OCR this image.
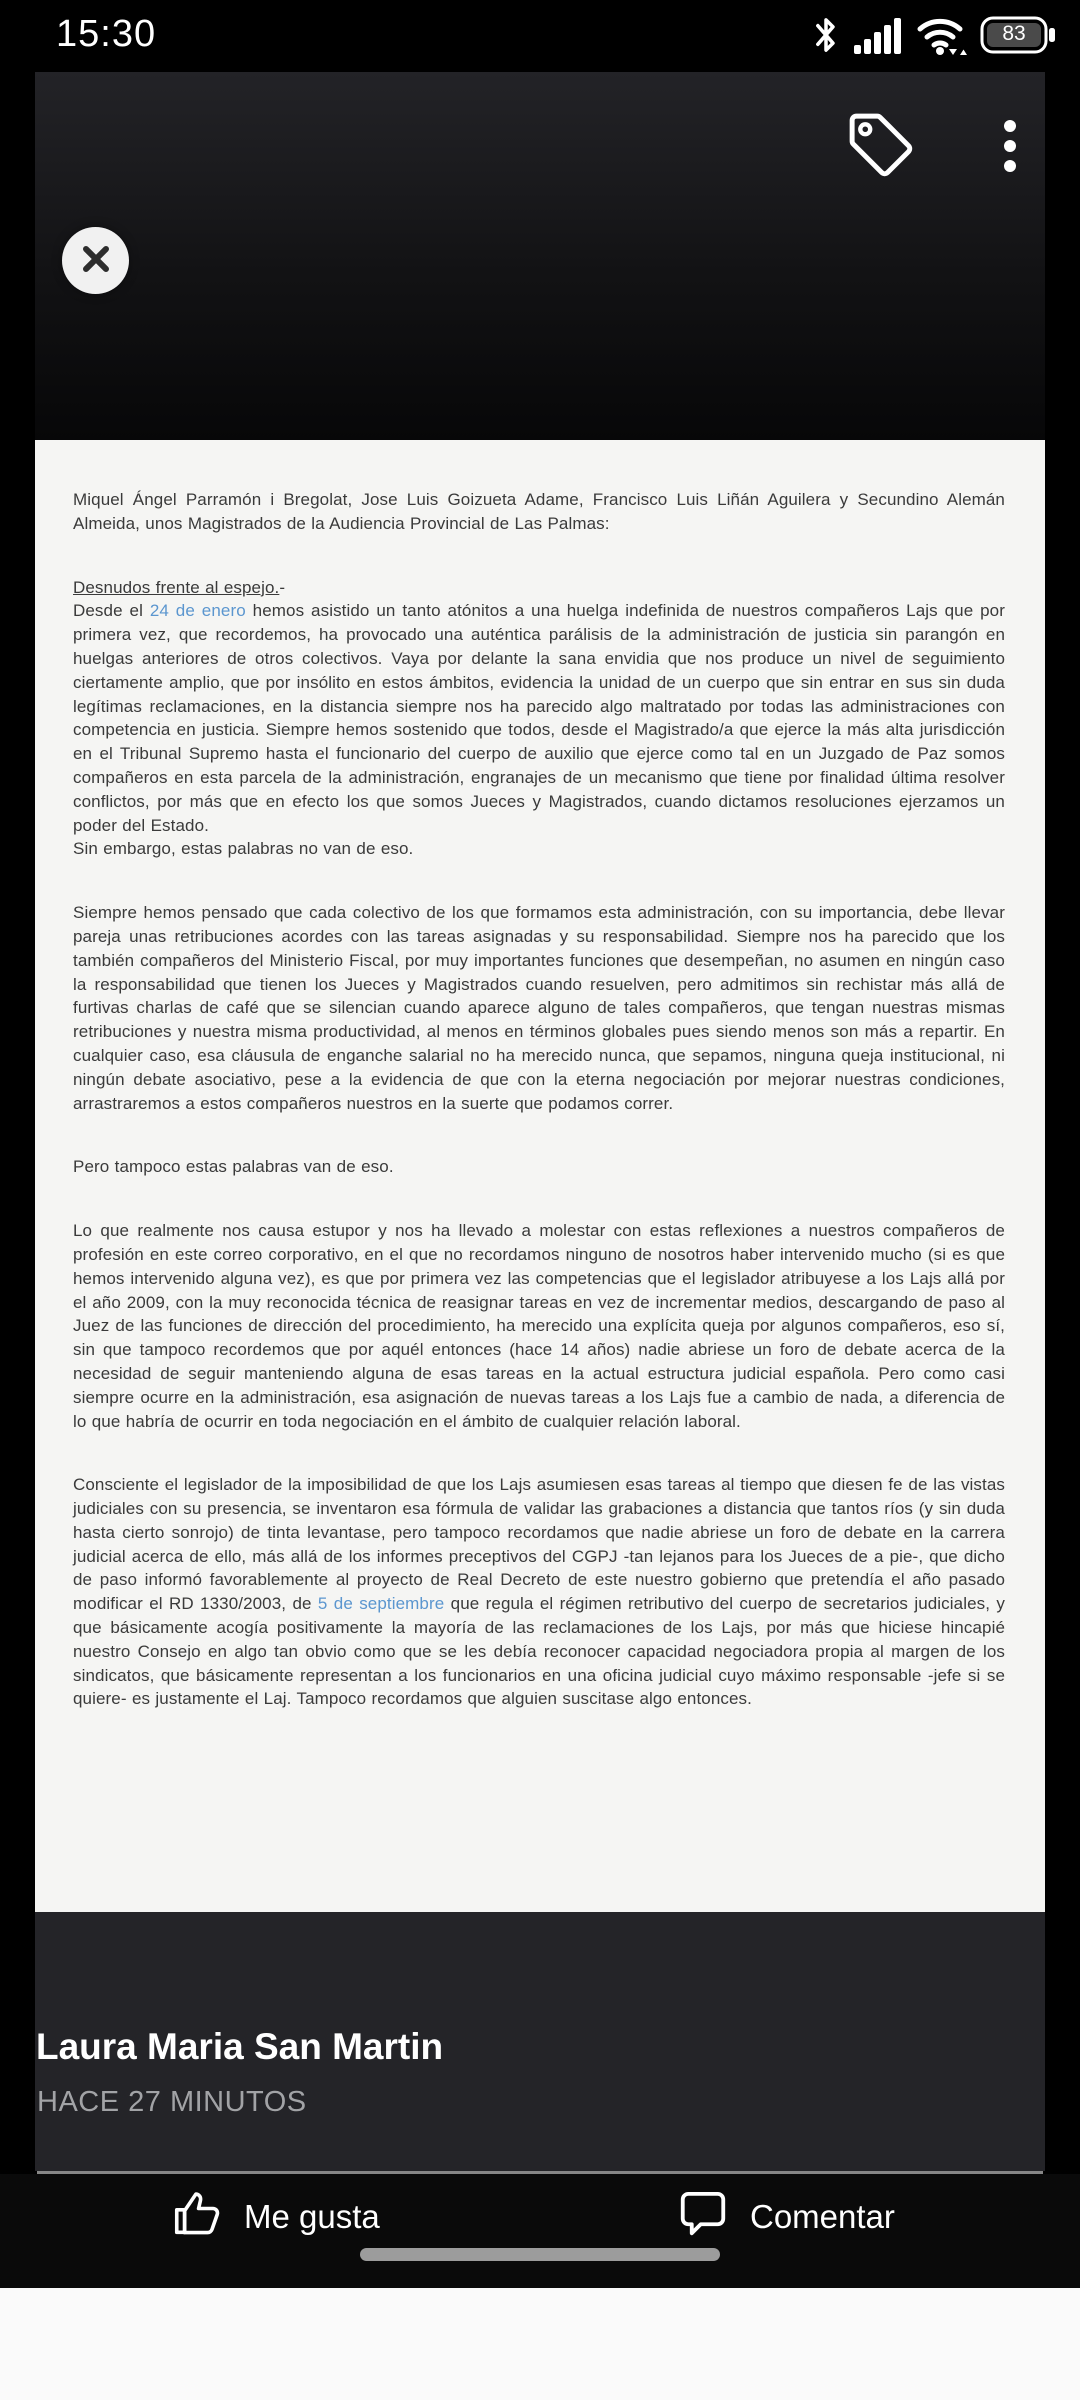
15:30	83

Miquel Ángel Parramón i Bregolat, Jose Luis Goizueta Adame, Francisco Luis Liñán Aguilera y Secundino Alemán Almeida, unos Magistrados de la Audiencia Provincial de Las Palmas:

Desnudos frente al espejo.-

Desde el 24 de enero hemos asistido un tanto atónitos a una huelga indefinida de nuestros compañeros Lajs que por primera vez, que recordemos, ha provocado una auténtica parálisis de la administración de justicia sin parangón en huelgas anteriores de otros colectivos. Vaya por delante la sana envidia que nos produce un nivel de seguimiento ciertamente amplio, que por insólito en estos ámbitos, evidencia la unidad de un cuerpo que sin entrar en sus sin duda legítimas reclamaciones, en la distancia siempre nos ha parecido algo maltratado por todas las administraciones con competencia en justicia. Siempre hemos sostenido que todos, desde el Magistrado/a que ejerce la más alta jurisdicción en el Tribunal Supremo hasta el funcionario del cuerpo de auxilio que ejerce como tal en un Juzgado de Paz somos compañeros en esta parcela de la administración, engranajes de un mecanismo que tiene por finalidad última resolver conflictos, por más que en efecto los que somos Jueces y Magistrados, cuando dictamos resoluciones ejerzamos un poder del Estado.

Sin embargo, estas palabras no van de eso.

Siempre hemos pensado que cada colectivo de los que formamos esta administración, con su importancia, debe llevar pareja unas retribuciones acordes con las tareas asignadas y su responsabilidad. Siempre nos ha parecido que los también compañeros del Ministerio Fiscal, por muy importantes funciones que desempeñan, no asumen en ningún caso la responsabilidad que tienen los Jueces y Magistrados cuando resuelven, pero admitimos sin rechistar más allá de furtivas charlas de café que se silencian cuando aparece alguno de tales compañeros, que tengan nuestras mismas retribuciones y nuestra misma productividad, al menos en términos globales pues siendo menos son más a repartir. En cualquier caso, esa cláusula de enganche salarial no ha merecido nunca, que sepamos, ninguna queja institucional, ni ningún debate asociativo, pese a la evidencia de que con la eterna negociación por mejorar nuestras condiciones, arrastraremos a estos compañeros nuestros en la suerte que podamos correr.

Pero tampoco estas palabras van de eso.

Lo que realmente nos causa estupor y nos ha llevado a molestar con estas reflexiones a nuestros compañeros de profesión en este correo corporativo, en el que no recordamos ninguno de nosotros haber intervenido mucho (si es que hemos intervenido alguna vez), es que por primera vez las competencias que el legislador atribuyese a los Lajs allá por el año 2009, con la muy reconocida técnica de reasignar tareas en vez de incrementar medios, descargando de paso al Juez de las funciones de dirección del procedimiento, ha merecido una explícita queja por algunos compañeros, eso sí, sin que tampoco recordemos que por aquél entonces (hace 14 años) nadie abriese un foro de debate acerca de la necesidad de seguir manteniendo alguna de esas tareas en la actual estructura judicial española. Pero como casi siempre ocurre en la administración, esa asignación de nuevas tareas a los Lajs fue a cambio de nada, a diferencia de lo que habría de ocurrir en toda negociación en el ámbito de cualquier relación laboral.

Consciente el legislador de la imposibilidad de que los Lajs asumiesen esas tareas al tiempo que diesen fe de las vistas judiciales con su presencia, se inventaron esa fórmula de validar las grabaciones a distancia que tantos ríos (y sin duda hasta cierto sonrojo) de tinta levantase, pero tampoco recordamos que nadie abriese un foro de debate en la carrera judicial acerca de ello, más allá de los informes preceptivos del CGPJ -tan lejanos para los Jueces de a pie-, que dicho de paso informó favorablemente al proyecto de Real Decreto de este nuestro gobierno que pretendía el año pasado modificar el RD 1330/2003, de 5 de septiembre que regula el régimen retributivo del cuerpo de secretarios judiciales, y que básicamente acogía positivamente la mayoría de las reclamaciones de los Lajs, por más que hiciese hincapié nuestro Consejo en algo tan obvio como que se les debía reconocer capacidad negociadora propia al margen de los sindicatos, que básicamente representan a los funcionarios en una oficina judicial cuyo máximo responsable -jefe si se quiere- es justamente el Laj. Tampoco recordamos que alguien suscitase algo entonces.

Laura Maria San Martin
HACE 27 MINUTOS
Me gusta	Comentar
